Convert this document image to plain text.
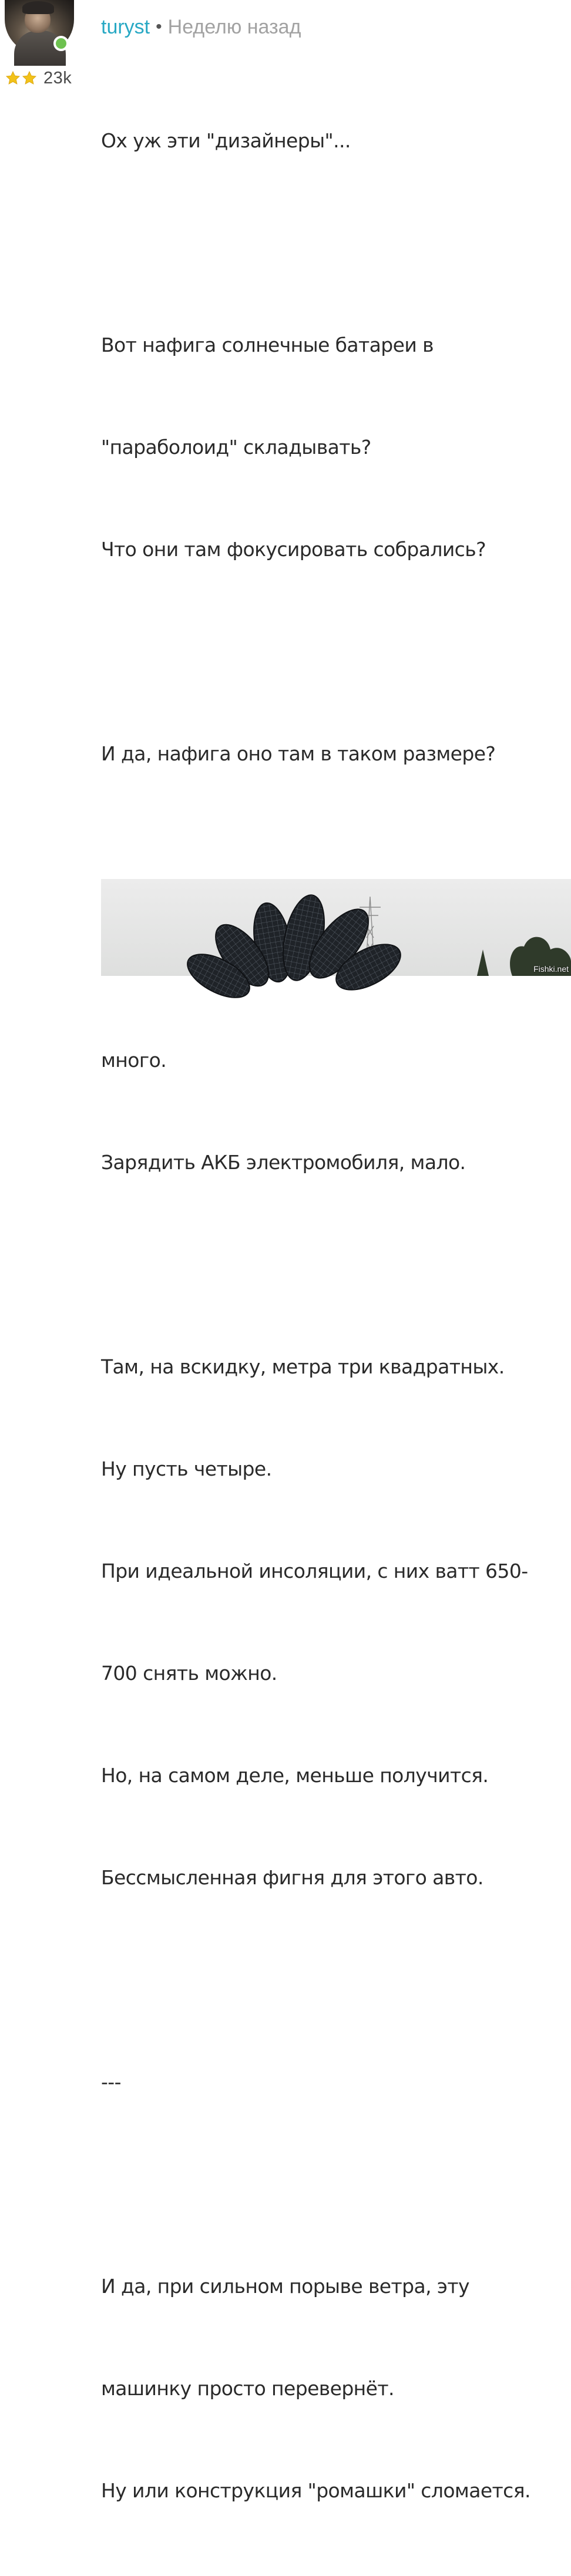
23k
turyst • Неделю назад

Ох уж эти "дизайнеры"...

Вот нафига солнечные батареи в

"параболоид" складывать?

Что они там фокусировать собрались?

И да, нафига оно там в таком размере?

много.

Зарядить АКБ электромобиля, мало.

Там, на вскидку, метра три квадратных.

Ну пусть четыре.

При идеальной инсоляции, с них ватт 650-

700 снять можно.

Но, на самом деле, меньше получится.

Бессмысленная фигня для этого авто.

---

И да, при сильном порыве ветра, эту

машинку просто перевернёт.

Ну или конструкция "ромашки" сломается.

Fishki.net
